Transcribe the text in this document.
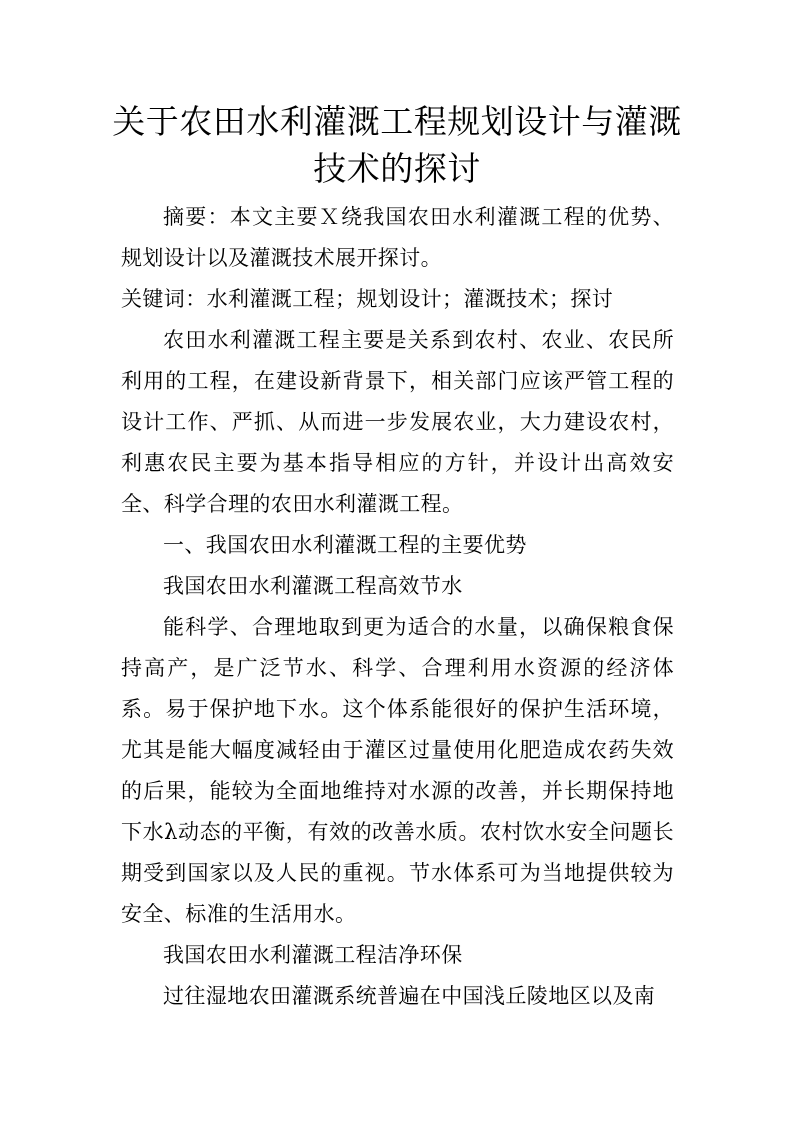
关于农田水利灌溉工程规划设计与灌溉技术的探讨

摘要：本文主要Ｘ绕我国农田水利灌溉工程的优势、规划设计以及灌溉技术展开探讨。

关键词：水利灌溉工程；规划设计；灌溉技术；探讨

农田水利灌溉工程主要是关系到农村、农业、农民所利用的工程，在建设新背景下，相关部门应该严管工程的设计工作、严抓、从而进一步发展农业，大力建设农村，利惠农民主要为基本指导相应的方针，并设计出高效安全、科学合理的农田水利灌溉工程。

一、我国农田水利灌溉工程的主要优势

我国农田水利灌溉工程高效节水

能科学、合理地取到更为适合的水量，以确保粮食保持高产，是广泛节水、科学、合理利用水资源的经济体系。易于保护地下水。这个体系能很好的保护生活环境，尤其是能大幅度减轻由于灌区过量使用化肥造成农药失效的后果，能较为全面地维持对水源的改善，并长期保持地下水λ动态的平衡，有效的改善水质。农村饮水安全问题长期受到国家以及人民的重视。节水体系可为当地提供较为安全、标准的生活用水。

我国农田水利灌溉工程洁净环保

过往湿地农田灌溉系统普遍在中国浅丘陵地区以及南
